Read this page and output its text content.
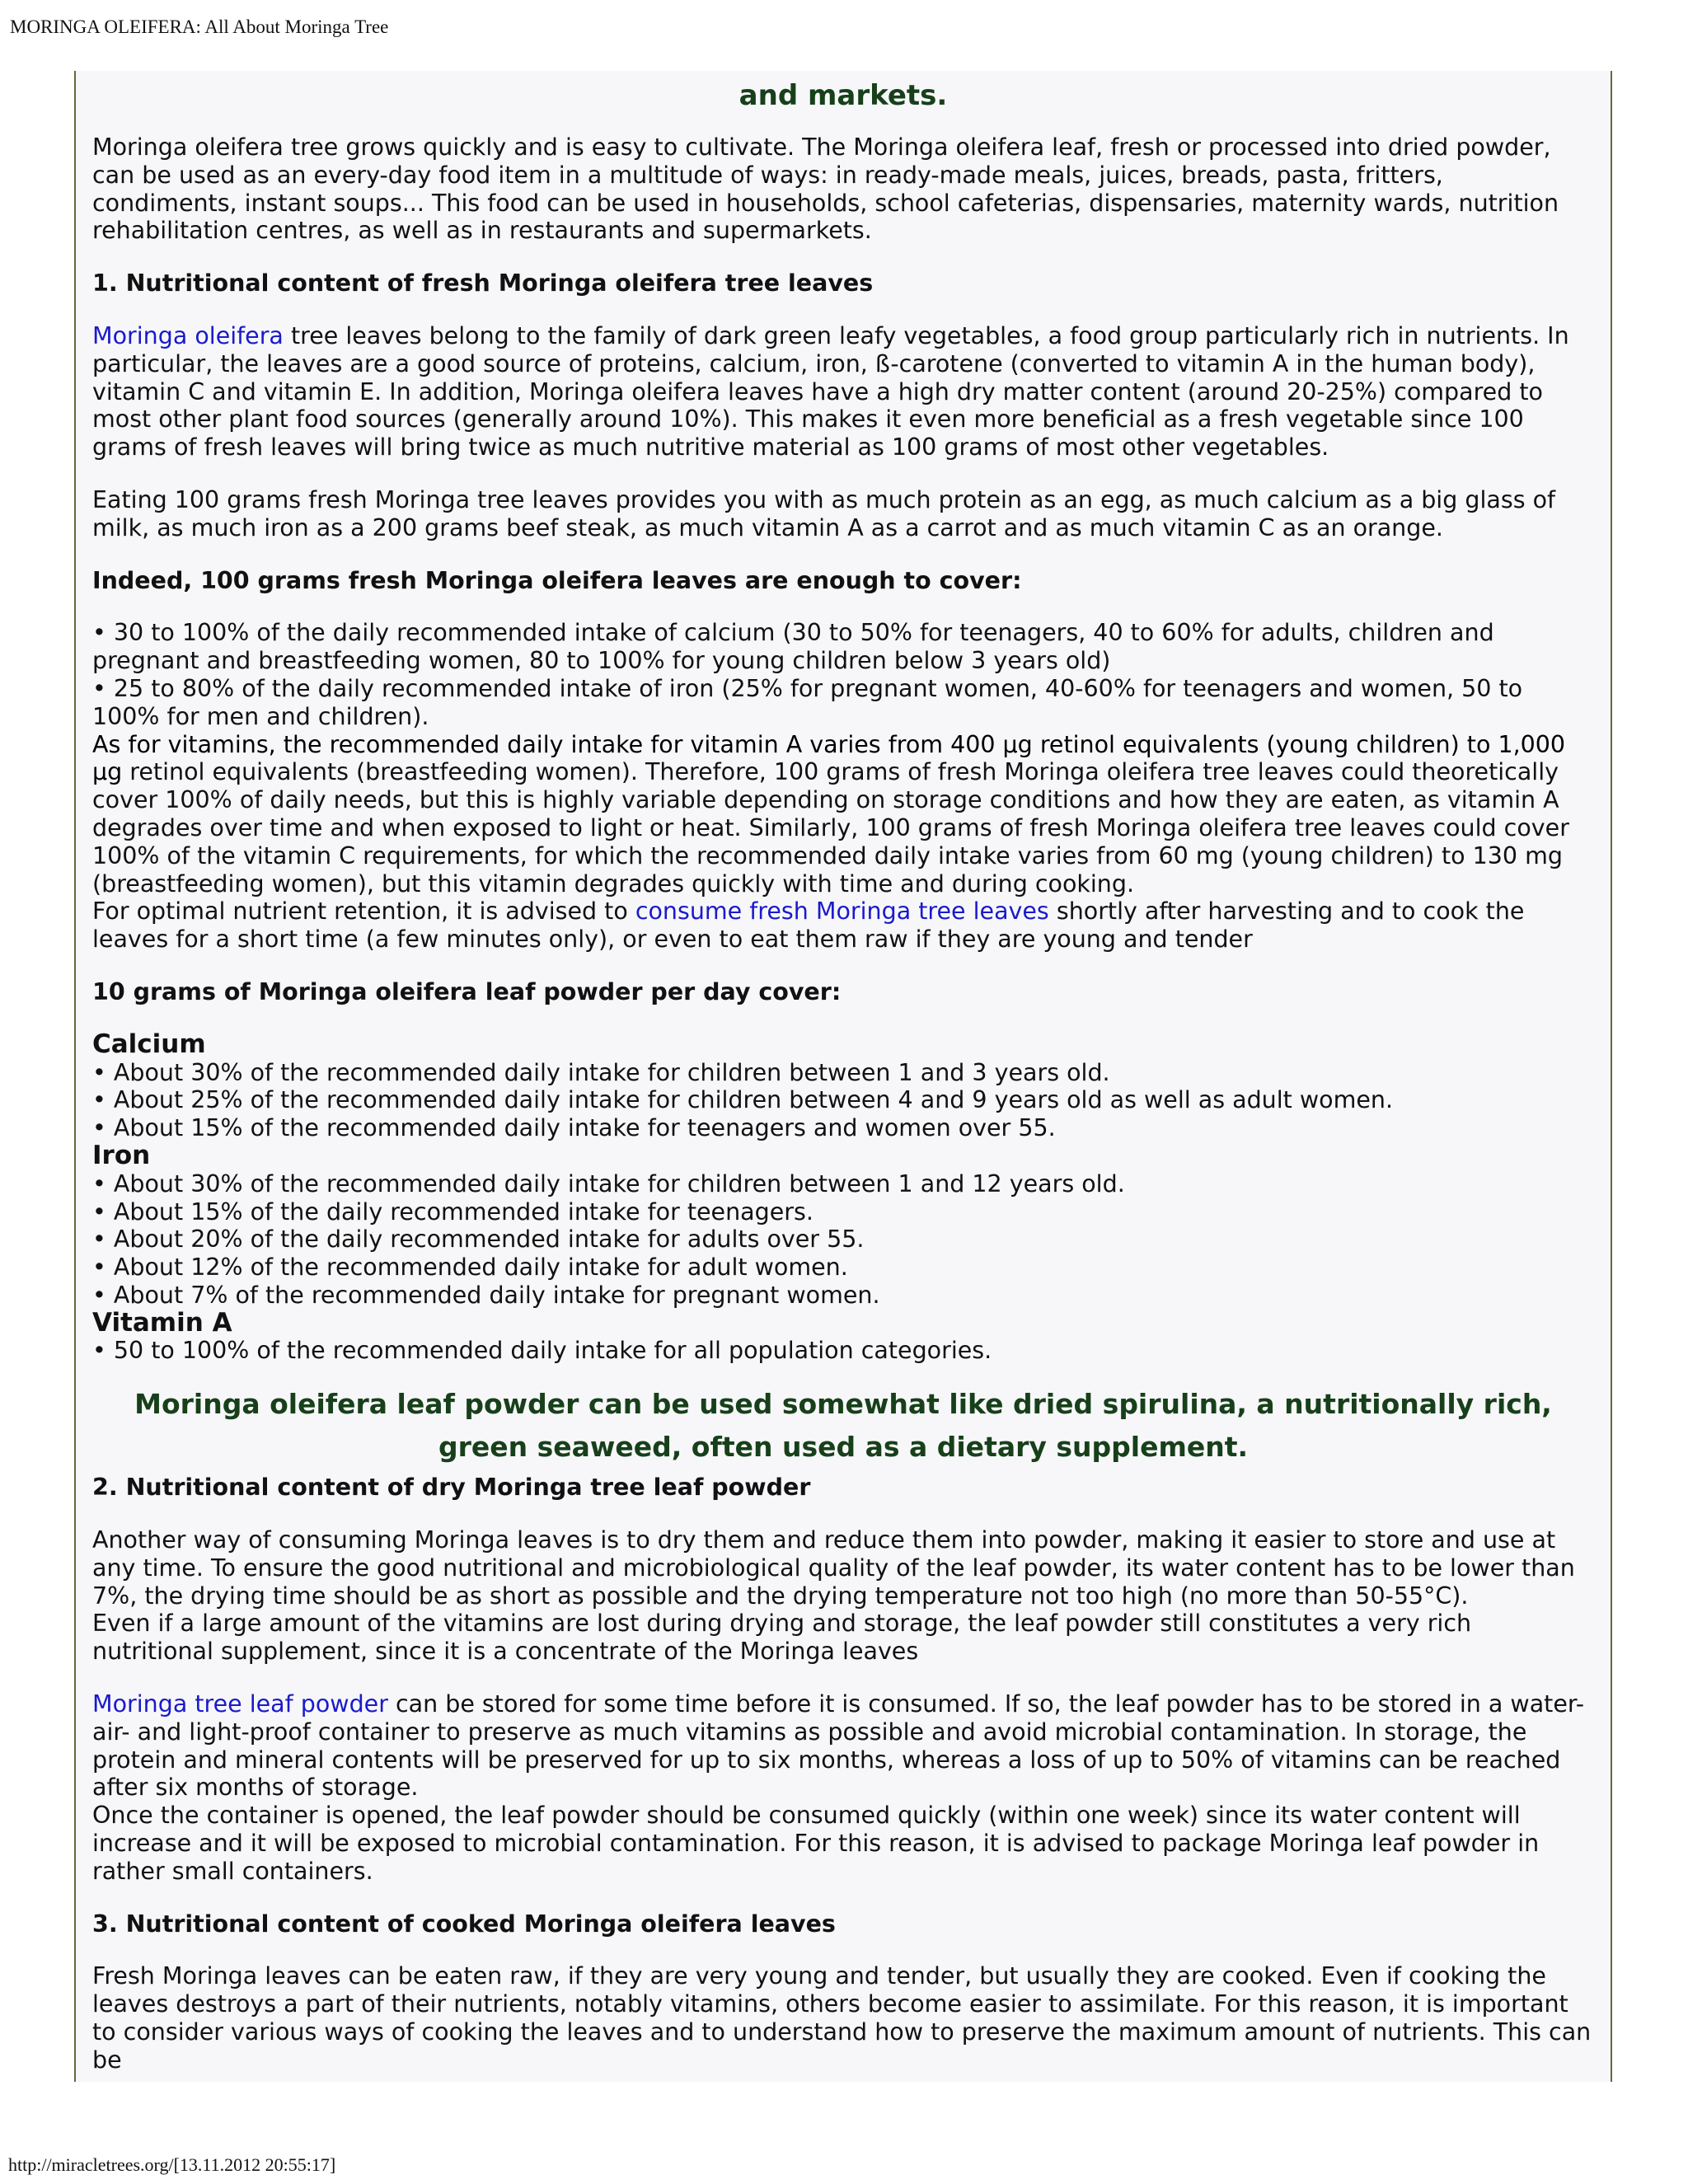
MORINGA OLEIFERA: All About Moringa Tree
and markets.

Moringa oleifera tree grows quickly and is easy to cultivate. The Moringa oleifera leaf, fresh or processed into dried powder, can be used as an every-day food item in a multitude of ways: in ready-made meals, juices, breads, pasta, fritters, condiments, instant soups... This food can be used in households, school cafeterias, dispensaries, maternity wards, nutrition rehabilitation centres, as well as in restaurants and supermarkets.

1. Nutritional content of fresh Moringa oleifera tree leaves

Moringa oleifera tree leaves belong to the family of dark green leafy vegetables, a food group particularly rich in nutrients. In particular, the leaves are a good source of proteins, calcium, iron, ß-carotene (converted to vitamin A in the human body), vitamin C and vitamin E. In addition, Moringa oleifera leaves have a high dry matter content (around 20-25%) compared to most other plant food sources (generally around 10%). This makes it even more beneficial as a fresh vegetable since 100 grams of fresh leaves will bring twice as much nutritive material as 100 grams of most other vegetables.

Eating 100 grams fresh Moringa tree leaves provides you with as much protein as an egg, as much calcium as a big glass of milk, as much iron as a 200 grams beef steak, as much vitamin A as a carrot and as much vitamin C as an orange.

Indeed, 100 grams fresh Moringa oleifera leaves are enough to cover:

• 30 to 100% of the daily recommended intake of calcium (30 to 50% for teenagers, 40 to 60% for adults, children and pregnant and breastfeeding women, 80 to 100% for young children below 3 years old)

• 25 to 80% of the daily recommended intake of iron (25% for pregnant women, 40-60% for teenagers and women, 50 to 100% for men and children).

As for vitamins, the recommended daily intake for vitamin A varies from 400 µg retinol equivalents (young children) to 1,000 µg retinol equivalents (breastfeeding women). Therefore, 100 grams of fresh Moringa oleifera tree leaves could theoretically cover 100% of daily needs, but this is highly variable depending on storage conditions and how they are eaten, as vitamin A degrades over time and when exposed to light or heat. Similarly, 100 grams of fresh Moringa oleifera tree leaves could cover 100% of the vitamin C requirements, for which the recommended daily intake varies from 60 mg (young children) to 130 mg (breastfeeding women), but this vitamin degrades quickly with time and during cooking.

For optimal nutrient retention, it is advised to consume fresh Moringa tree leaves shortly after harvesting and to cook the leaves for a short time (a few minutes only), or even to eat them raw if they are young and tender

10 grams of Moringa oleifera leaf powder per day cover:

Calcium

• About 30% of the recommended daily intake for children between 1 and 3 years old.

• About 25% of the recommended daily intake for children between 4 and 9 years old as well as adult women.

• About 15% of the recommended daily intake for teenagers and women over 55.

Iron

• About 30% of the recommended daily intake for children between 1 and 12 years old.

• About 15% of the daily recommended intake for teenagers.

• About 20% of the daily recommended intake for adults over 55.

• About 12% of the recommended daily intake for adult women.

• About 7% of the recommended daily intake for pregnant women.

Vitamin A

• 50 to 100% of the recommended daily intake for all population categories.

Moringa oleifera leaf powder can be used somewhat like dried spirulina, a nutritionally rich, green seaweed, often used as a dietary supplement.

2. Nutritional content of dry Moringa tree leaf powder

Another way of consuming Moringa leaves is to dry them and reduce them into powder, making it easier to store and use at any time. To ensure the good nutritional and microbiological quality of the leaf powder, its water content has to be lower than 7%, the drying time should be as short as possible and the drying temperature not too high (no more than 50-55°C).

Even if a large amount of the vitamins are lost during drying and storage, the leaf powder still constitutes a very rich nutritional supplement, since it is a concentrate of the Moringa leaves

Moringa tree leaf powder can be stored for some time before it is consumed. If so, the leaf powder has to be stored in a water- air- and light-proof container to preserve as much vitamins as possible and avoid microbial contamination. In storage, the protein and mineral contents will be preserved for up to six months, whereas a loss of up to 50% of vitamins can be reached after six months of storage.

Once the container is opened, the leaf powder should be consumed quickly (within one week) since its water content will increase and it will be exposed to microbial contamination. For this reason, it is advised to package Moringa leaf powder in rather small containers.

3. Nutritional content of cooked Moringa oleifera leaves

Fresh Moringa leaves can be eaten raw, if they are very young and tender, but usually they are cooked. Even if cooking the leaves destroys a part of their nutrients, notably vitamins, others become easier to assimilate. For this reason, it is important to consider various ways of cooking the leaves and to understand how to preserve the maximum amount of nutrients. This can be

http://miracletrees.org/[13.11.2012 20:55:17]
